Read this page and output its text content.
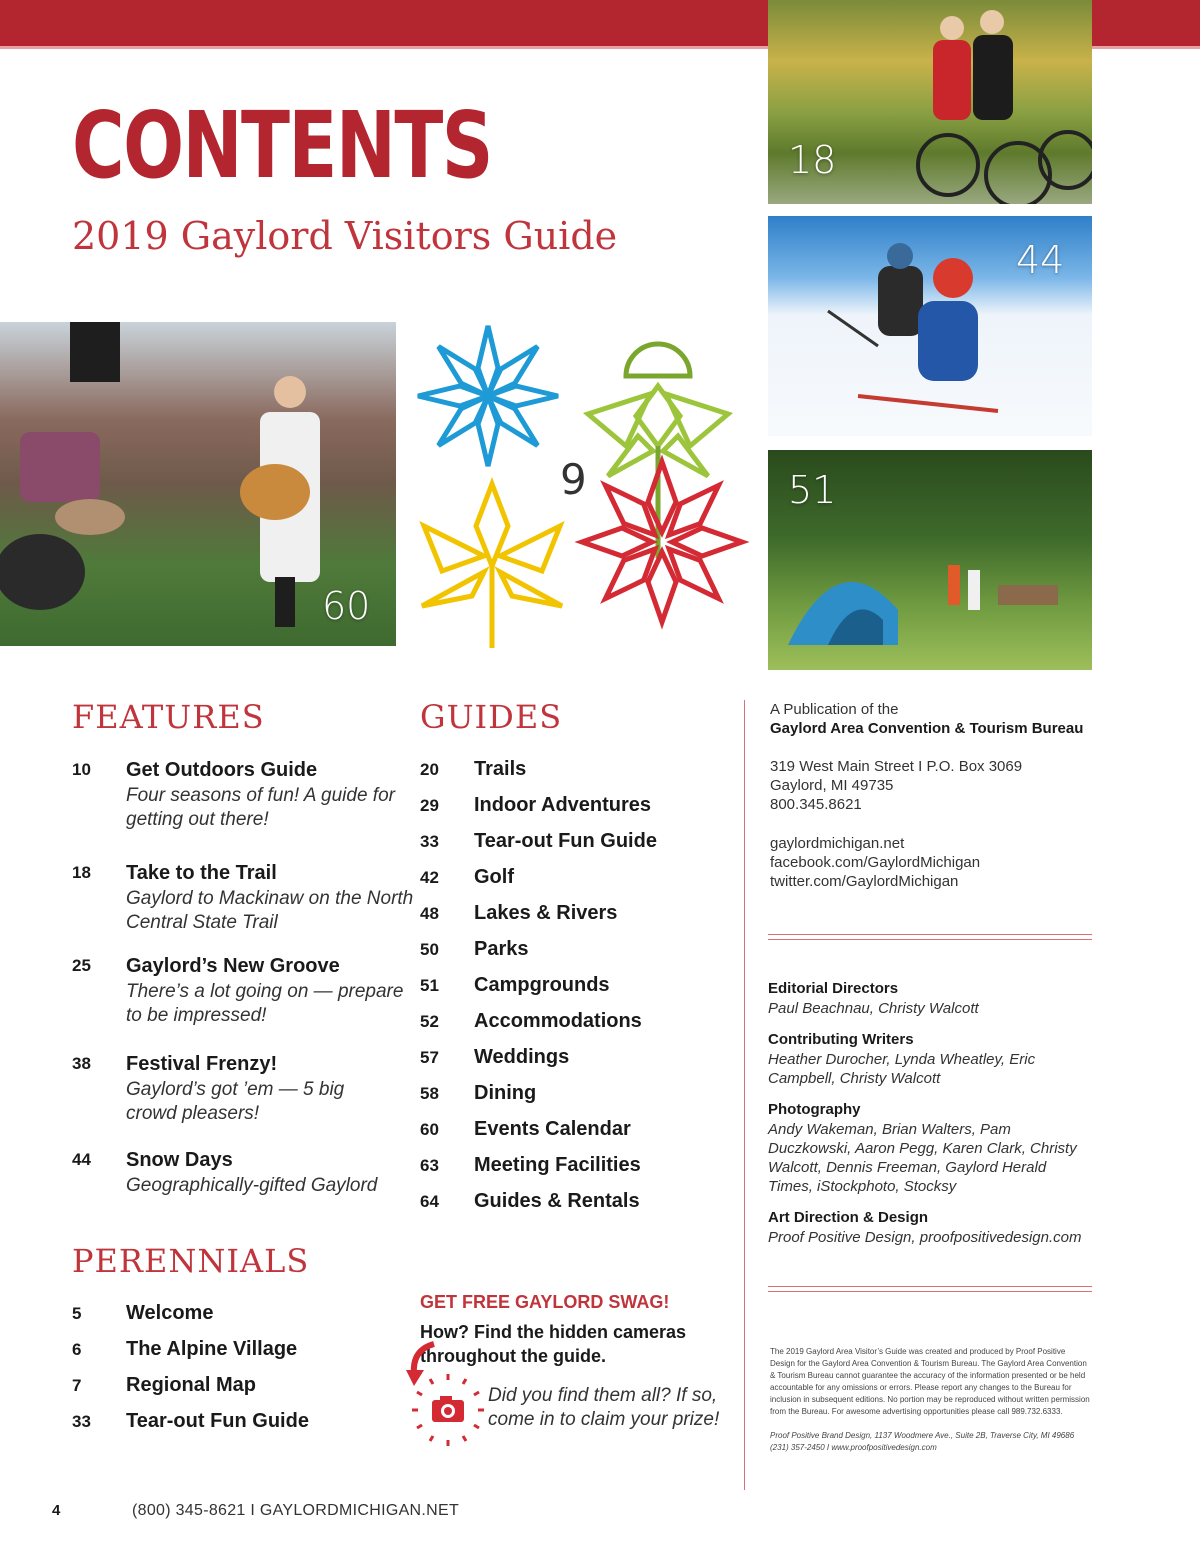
CONTENTS
2019 Gaylord Visitors Guide
18
44
51
60
9
FEATURES
10 Get Outdoors Guide
Four seasons of fun! A guide for getting out there!
18 Take to the Trail
Gaylord to Mackinaw on the North Central State Trail
25 Gaylord’s New Groove
There’s a lot going on — prepare to be impressed!
38 Festival Frenzy!
Gaylord’s got ’em — 5 big crowd pleasers!
44 Snow Days
Geographically-gifted Gaylord
PERENNIALS
5 Welcome
6 The Alpine Village
7 Regional Map
33 Tear-out Fun Guide
GUIDES
20 Trails
29 Indoor Adventures
33 Tear-out Fun Guide
42 Golf
48 Lakes & Rivers
50 Parks
51 Campgrounds
52 Accommodations
57 Weddings
58 Dining
60 Events Calendar
63 Meeting Facilities
64 Guides & Rentals
GET FREE GAYLORD SWAG!
How? Find the hidden cameras throughout the guide.
Did you find them all? If so, come in to claim your prize!
A Publication of the
Gaylord Area Convention & Tourism Bureau
319 West Main Street I P.O. Box 3069
Gaylord, MI 49735
800.345.8621
gaylordmichigan.net
facebook.com/GaylordMichigan
twitter.com/GaylordMichigan
Editorial Directors
Paul Beachnau, Christy Walcott
Contributing Writers
Heather Durocher, Lynda Wheatley, Eric Campbell, Christy Walcott
Photography
Andy Wakeman, Brian Walters, Pam Duczkowski, Aaron Pegg, Karen Clark, Christy Walcott, Dennis Freeman, Gaylord Herald Times, iStockphoto, Stocksy
Art Direction & Design
Proof Positive Design, proofpositivedesign.com
The 2019 Gaylord Area Visitor’s Guide was created and produced by Proof Positive Design for the Gaylord Area Convention & Tourism Bureau. The Gaylord Area Convention & Tourism Bureau cannot guarantee the accuracy of the information presented or be held accountable for any omissions or errors. Please report any changes to the Bureau for inclusion in subsequent editions. No portion may be reproduced without written permission from the Bureau. For awesome advertising opportunities please call 989.732.6333.
Proof Positive Brand Design, 1137 Woodmere Ave., Suite 2B, Traverse City, MI 49686 (231) 357-2450 I www.proofpositivedesign.com
4	(800) 345-8621 I GAYLORDMICHIGAN.NET
